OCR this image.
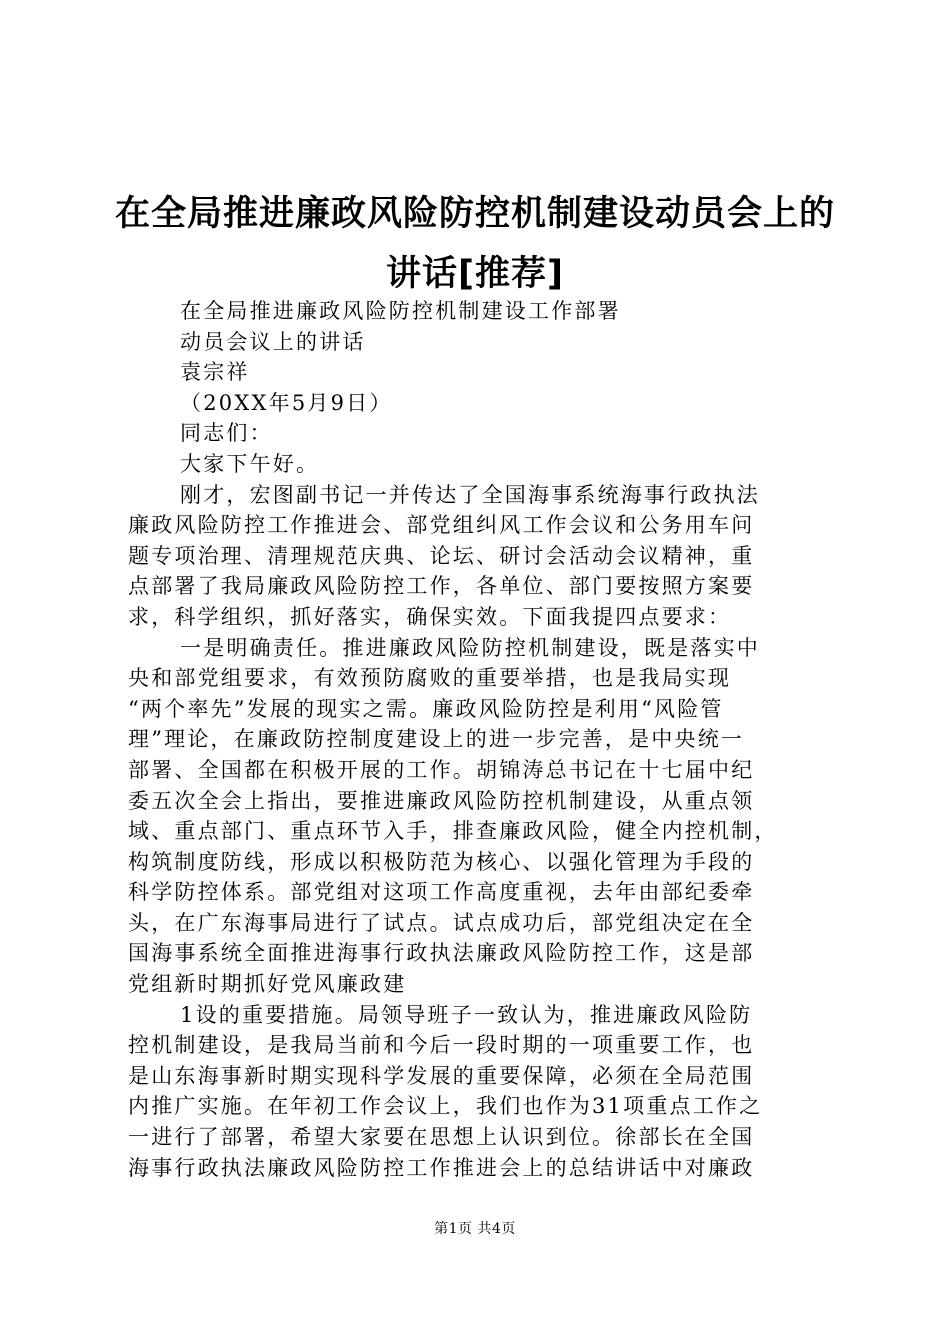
在全局推进廉政风险防控机制建设动员会上的
讲话[推荐]
在全局推进廉政风险防控机制建设工作部署
动员会议上的讲话
袁宗祥
（20XX年5月9日）
同志们：
大家下午好。
刚才，宏图副书记一并传达了全国海事系统海事行政执法
廉政风险防控工作推进会、部党组纠风工作会议和公务用车问
题专项治理、清理规范庆典、论坛、研讨会活动会议精神，重
点部署了我局廉政风险防控工作，各单位、部门要按照方案要
求，科学组织，抓好落实，确保实效。下面我提四点要求：
一是明确责任。推进廉政风险防控机制建设，既是落实中
央和部党组要求，有效预防腐败的重要举措，也是我局实现
“两个率先”发展的现实之需。廉政风险防控是利用“风险管
理”理论，在廉政防控制度建设上的进一步完善，是中央统一
部署、全国都在积极开展的工作。胡锦涛总书记在十七届中纪
委五次全会上指出，要推进廉政风险防控机制建设，从重点领
域、重点部门、重点环节入手，排查廉政风险，健全内控机制，
构筑制度防线，形成以积极防范为核心、以强化管理为手段的
科学防控体系。部党组对这项工作高度重视，去年由部纪委牵
头，在广东海事局进行了试点。试点成功后，部党组决定在全
国海事系统全面推进海事行政执法廉政风险防控工作，这是部
党组新时期抓好党风廉政建
1设的重要措施。局领导班子一致认为，推进廉政风险防
控机制建设，是我局当前和今后一段时期的一项重要工作，也
是山东海事新时期实现科学发展的重要保障，必须在全局范围
内推广实施。在年初工作会议上，我们也作为31项重点工作之
一进行了部署，希望大家要在思想上认识到位。徐部长在全国
海事行政执法廉政风险防控工作推进会上的总结讲话中对廉政
第1页 共4页
